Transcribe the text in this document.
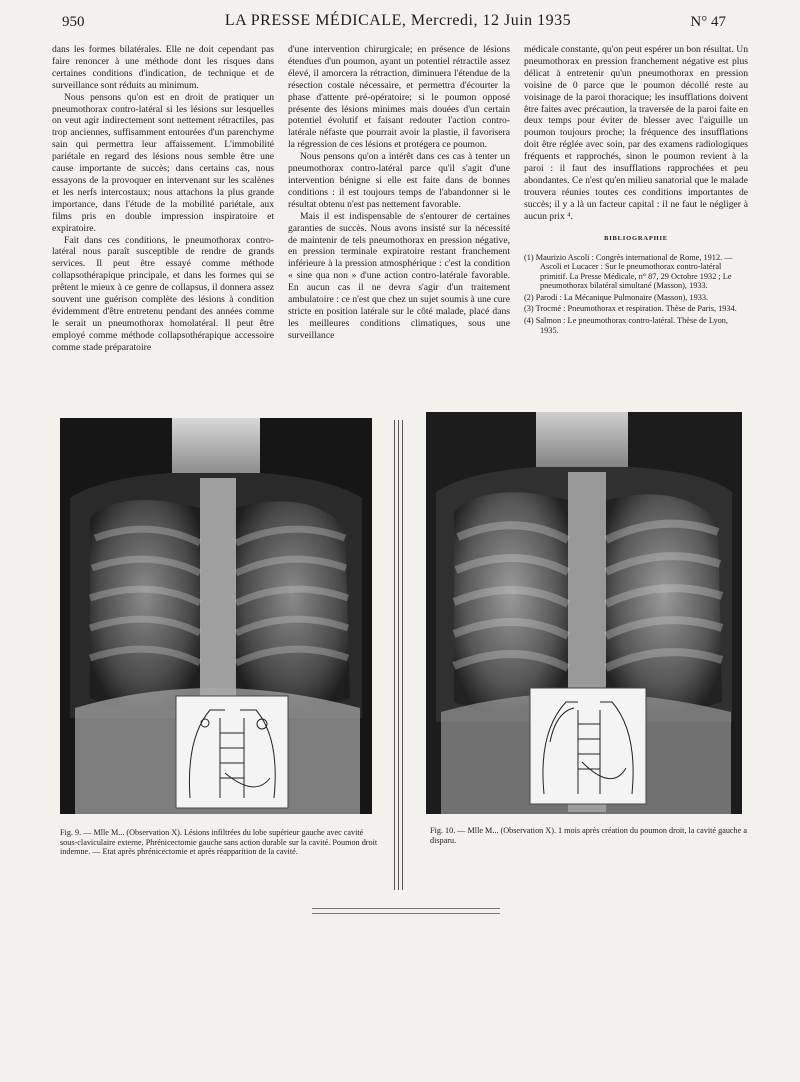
950	LA PRESSE MÉDICALE, Mercredi, 12 Juin 1935	N° 47

dans les formes bilatérales. Elle ne doit cependant pas faire renoncer à une méthode dont les risques dans certaines conditions d'indication, de technique et de surveillance sont réduits au minimum.

Nous pensons qu'on est en droit de pratiquer un pneumothorax contro-latéral si les lésions sur lesquelles on veut agir indirectement sont nettement rétractiles, pas trop anciennes, suffisamment entourées d'un parenchyme sain qui permettra leur affaissement. L'immobilité pariétale en regard des lésions nous semble être une cause importante de succès; dans certains cas, nous essayons de la provoquer en intervenant sur les scalènes et les nerfs intercostaux; nous attachons la plus grande importance, dans l'étude de la mobilité pariétale, aux films pris en double impression inspiratoire et expiratoire.

Fait dans ces conditions, le pneumothorax contro-latéral nous paraît susceptible de rendre de grands services. Il peut être essayé comme méthode collapsothérapique principale, et dans les formes qui se prêtent le mieux à ce genre de collapsus, il donnera assez souvent une guérison complète des lésions à condition évidemment d'être entretenu pendant des années comme le serait un pneumothorax homolatéral. Il peut être employé comme méthode collapsothérapique accessoire comme stade préparatoire

d'une intervention chirurgicale; en présence de lésions étendues d'un poumon, ayant un potentiel rétractile assez élevé, il amorcera la rétraction, diminuera l'étendue de la résection costale nécessaire, et permettra d'écourter la phase d'attente pré-opératoire; si le poumon opposé présente des lésions minimes mais douées d'un certain potentiel évolutif et faisant redouter l'action contro-latérale néfaste que pourrait avoir la plastie, il favorisera la régression de ces lésions et protégera ce poumon.

Nous pensons qu'on a intérêt dans ces cas à tenter un pneumothorax contro-latéral parce qu'il s'agit d'une intervention bénigne si elle est faite dans de bonnes conditions : il est toujours temps de l'abandonner si le résultat obtenu n'est pas nettement favorable.

Mais il est indispensable de s'entourer de certaines garanties de succès. Nous avons insisté sur la nécessité de maintenir de tels pneumothorax en pression négative, en pression terminale expiratoire restant franchement inférieure à la pression atmosphérique : c'est la condition « sine qua non » d'une action contro-latérale favorable. En aucun cas il ne devra s'agir d'un traitement ambulatoire : ce n'est que chez un sujet soumis à une cure stricte en position latérale sur le côté malade, placé dans les meilleures conditions climatiques, sous une surveillance

médicale constante, qu'on peut espérer un bon résultat. Un pneumothorax en pression franchement négative est plus délicat à entretenir qu'un pneumothorax en pression voisine de 0 parce que le poumon décollé reste au voisinage de la paroi thoracique; les insufflations doivent être faites avec précaution, la traversée de la paroi faite en deux temps pour éviter de blesser avec l'aiguille un poumon toujours proche; la fréquence des insufflations doit être réglée avec soin, par des examens radiologiques fréquents et rapprochés, sinon le poumon revient à la paroi : il faut des insufflations rapprochées et peu abondantes. Ce n'est qu'en milieu sanatorial que le malade trouvera réunies toutes ces conditions importantes de succès; il y a là un facteur capital : il ne faut le négliger à aucun prix ⁴.

BIBLIOGRAPHIE
(1) Maurizio Ascoli : Congrès international de Rome, 1912. — Ascoli et Lucacer : Sur le pneumothorax contro-latéral primitif. La Presse Médicale, n° 87, 29 Octobre 1932 ; Le pneumothorax bilatéral simultané (Masson), 1933.
(2) Parodi : La Mécanique Pulmonaire (Masson), 1933.
(3) Trocmé : Pneumothorax et respiration. Thèse de Paris, 1934.
(4) Salmon : Le pneumothorax contro-latéral. Thèse de Lyon, 1935.
Fig. 9. — Mlle M... (Observation X). Lésions infiltrées du lobe supérieur gauche avec cavité sous-claviculaire externe. Phrénicectomie gauche sans action durable sur la cavité. Poumon droit indemne. — Etat après phrénicectomie et après réapparition de la cavité.
Fig. 10. — Mlle M... (Observation X). 1 mois après création du poumon droit, la cavité gauche a disparu.
